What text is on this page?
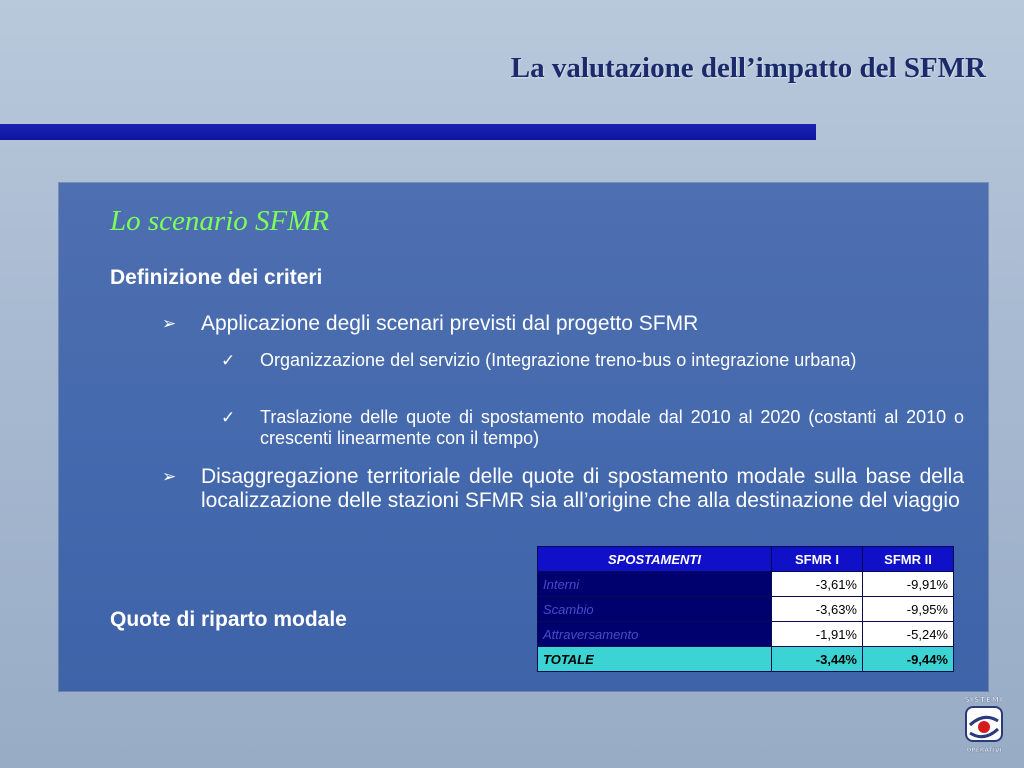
La valutazione dell’impatto del SFMR
Lo scenario SFMR
Definizione dei criteri
➢ Applicazione degli scenari previsti dal progetto SFMR
✓ Organizzazione del servizio (Integrazione treno-bus o integrazione urbana)
✓ Traslazione delle quote di spostamento modale dal 2010 al 2020 (costanti al 2010 o crescenti linearmente con il tempo)
➢ Disaggregazione territoriale delle quote di spostamento modale sulla base della localizzazione delle stazioni SFMR sia all’origine che alla destinazione del viaggio
Quote di riparto modale
SPOSTAMENTI	SFMR I	SFMR II
Interni	-3,61%	-9,91%
Scambio	-3,63%	-9,95%
Attraversamento	-1,91%	-5,24%
TOTALE	-3,44%	-9,44%
SISTEMI
OPERATIVI
